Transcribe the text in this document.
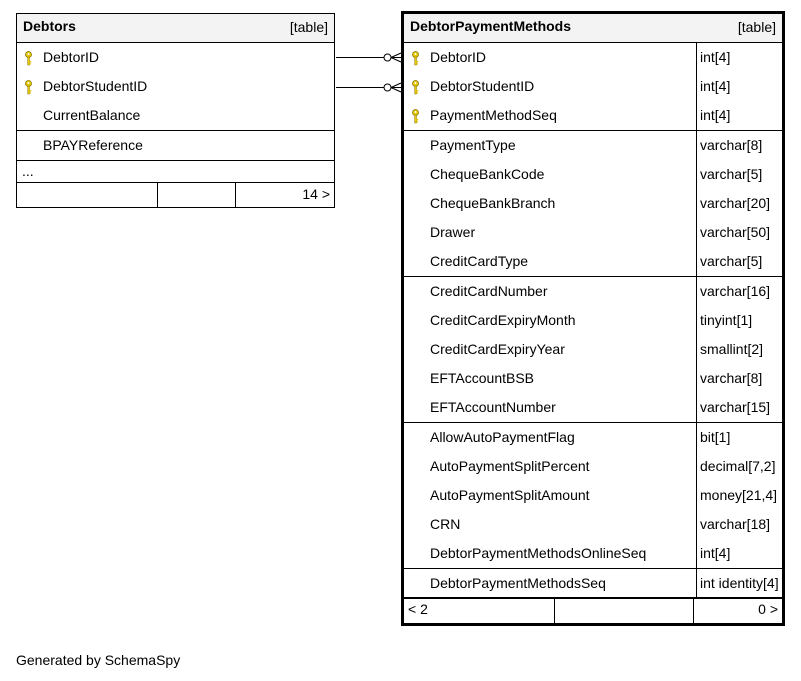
Debtors	[table]
DebtorID
DebtorStudentID
CurrentBalance
BPAYReference
...
14 >
DebtorPaymentMethods	[table]
DebtorID	int[4]
DebtorStudentID	int[4]
PaymentMethodSeq	int[4]
PaymentType	varchar[8]
ChequeBankCode	varchar[5]
ChequeBankBranch	varchar[20]
Drawer	varchar[50]
CreditCardType	varchar[5]
CreditCardNumber	varchar[16]
CreditCardExpiryMonth	tinyint[1]
CreditCardExpiryYear	smallint[2]
EFTAccountBSB	varchar[8]
EFTAccountNumber	varchar[15]
AllowAutoPaymentFlag	bit[1]
AutoPaymentSplitPercent	decimal[7,2]
AutoPaymentSplitAmount	money[21,4]
CRN	varchar[18]
DebtorPaymentMethodsOnlineSeq	int[4]
DebtorPaymentMethodsSeq	int identity[4]
< 2	0 >
Generated by SchemaSpy
